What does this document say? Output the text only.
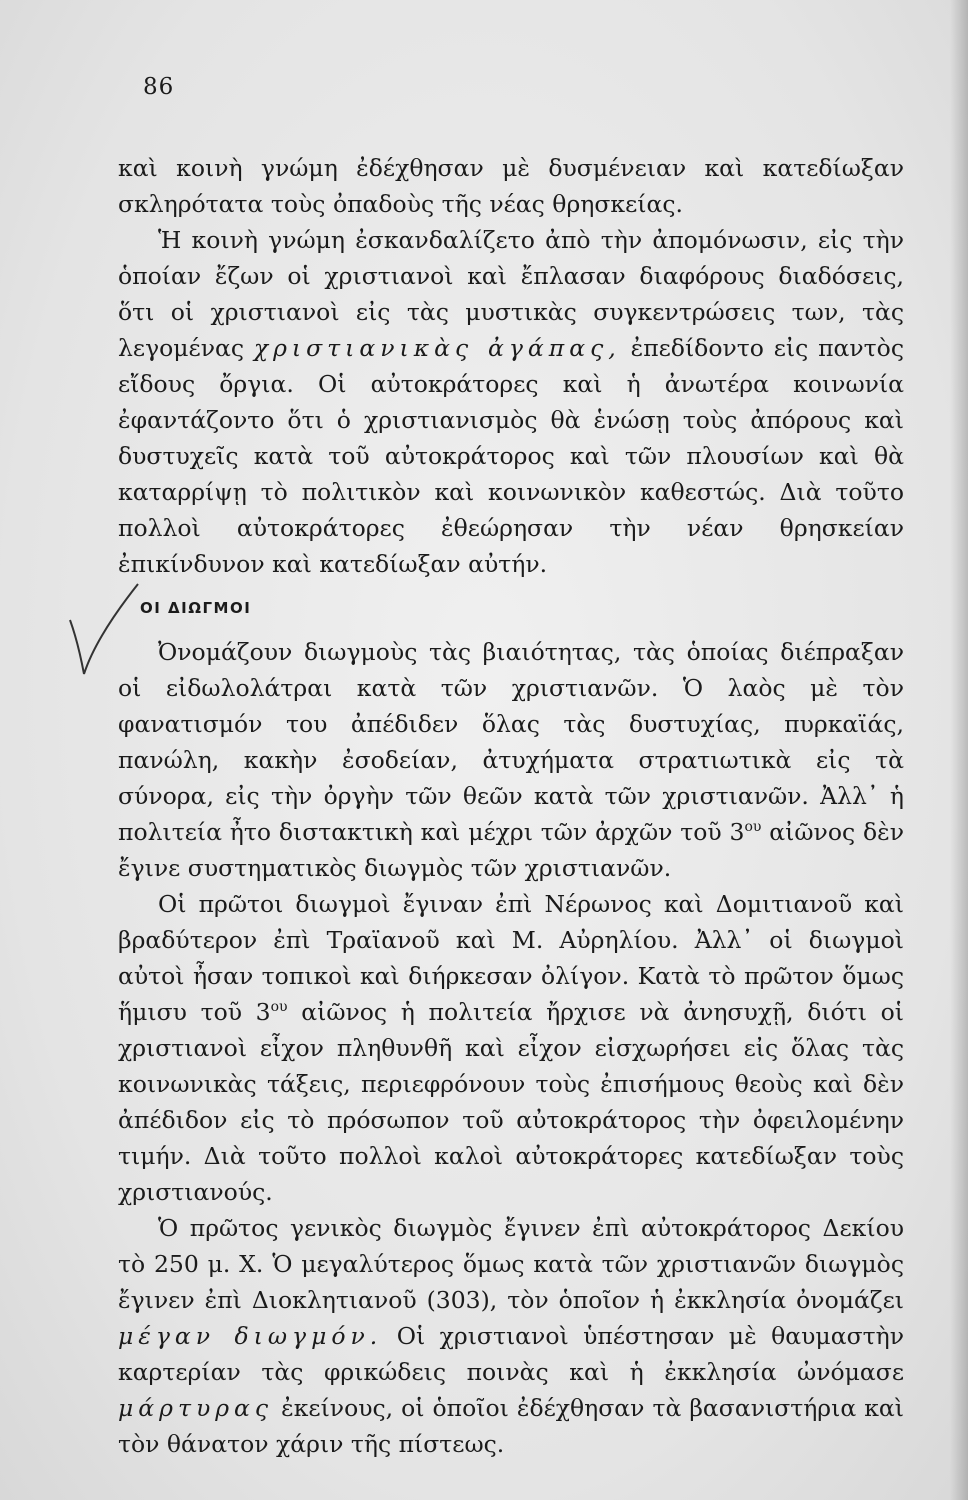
86

καὶ κοινὴ γνώμη ἐδέχθησαν μὲ δυσμένειαν καὶ κατεδίωξαν σκληρότατα τοὺς ὀπαδοὺς τῆς νέας θρησκείας.

Ἡ κοινὴ γνώμη ἐσκανδαλίζετο ἀπὸ τὴν ἀπομόνωσιν, εἰς τὴν ὁποίαν ἔζων οἱ χριστιανοὶ καὶ ἔπλασαν διαφόρους διαδόσεις, ὅτι οἱ χριστιανοὶ εἰς τὰς μυστικὰς συγκεντρώσεις των, τὰς λεγομένας χριστιανικὰς ἀγάπας, ἐπεδίδοντο εἰς παντὸς εἴδους ὄργια. Οἱ αὐτοκράτορες καὶ ἡ ἀνωτέρα κοινωνία ἐφαντάζοντο ὅτι ὁ χριστιανισμὸς θὰ ἑνώσῃ τοὺς ἀπόρους καὶ δυστυχεῖς κατὰ τοῦ αὐτοκράτορος καὶ τῶν πλουσίων καὶ θὰ καταρρίψῃ τὸ πολιτικὸν καὶ κοινωνικὸν καθεστώς. Διὰ τοῦτο πολλοὶ αὐτοκράτορες ἐθεώρησαν τὴν νέαν θρησκείαν ἐπικίνδυνον καὶ κατεδίωξαν αὐτήν.

ΟΙ ΔΙΩΓΜΟΙ

Ὀνομάζουν διωγμοὺς τὰς βιαιότητας, τὰς ὁποίας διέπραξαν οἱ εἰδωλολάτραι κατὰ τῶν χριστιανῶν. Ὁ λαὸς μὲ τὸν φανατισμόν του ἀπέδιδεν ὅλας τὰς δυστυχίας, πυρκαϊάς, πανώλη, κακὴν ἐσοδείαν, ἀτυχήματα στρατιωτικὰ εἰς τὰ σύνορα, εἰς τὴν ὀργὴν τῶν θεῶν κατὰ τῶν χριστιανῶν. Ἀλλ᾽ ἡ πολιτεία ἦτο διστακτικὴ καὶ μέχρι τῶν ἀρχῶν τοῦ $3^{o\upsilon}$ αἰῶνος δὲν ἔγινε συστηματικὸς διωγμὸς τῶν χριστιανῶν.

Οἱ πρῶτοι διωγμοὶ ἔγιναν ἐπὶ Νέρωνος καὶ Δομιτιανοῦ καὶ βραδύτερον ἐπὶ Τραϊανοῦ καὶ Μ. Αὐρηλίου. Ἀλλ᾽ οἱ διωγμοὶ αὐτοὶ ἦσαν τοπικοὶ καὶ διήρκεσαν ὀλίγον. Κατὰ τὸ πρῶτον ὅμως ἥμισυ τοῦ $3^{o\upsilon}$ αἰῶνος ἡ πολιτεία ἤρχισε νὰ ἀνησυχῇ, διότι οἱ χριστιανοὶ εἶχον πληθυνθῆ καὶ εἶχον εἰσχωρήσει εἰς ὅλας τὰς κοινωνικὰς τάξεις, περιεφρόνουν τοὺς ἐπισήμους θεοὺς καὶ δὲν ἀπέδιδον εἰς τὸ πρόσωπον τοῦ αὐτοκράτορος τὴν ὀφειλομένην τιμήν. Διὰ τοῦτο πολλοὶ καλοὶ αὐτοκράτορες κατεδίωξαν τοὺς χριστιανούς.

Ὁ πρῶτος γενικὸς διωγμὸς ἔγινεν ἐπὶ αὐτοκράτορος Δεκίου τὸ 250 μ. Χ. Ὁ μεγαλύτερος ὅμως κατὰ τῶν χριστιανῶν διωγμὸς ἔγινεν ἐπὶ Διοκλητιανοῦ (303), τὸν ὁποῖον ἡ ἐκκλησία ὀνομάζει μέγαν διωγμόν. Οἱ χριστιανοὶ ὑπέστησαν μὲ θαυμαστὴν καρτερίαν τὰς φρικώδεις ποινὰς καὶ ἡ ἐκκλησία ὠνόμασε μάρτυρας ἐκείνους, οἱ ὁποῖοι ἐδέχθησαν τὰ βασανιστήρια καὶ τὸν θάνατον χάριν τῆς πίστεως.
